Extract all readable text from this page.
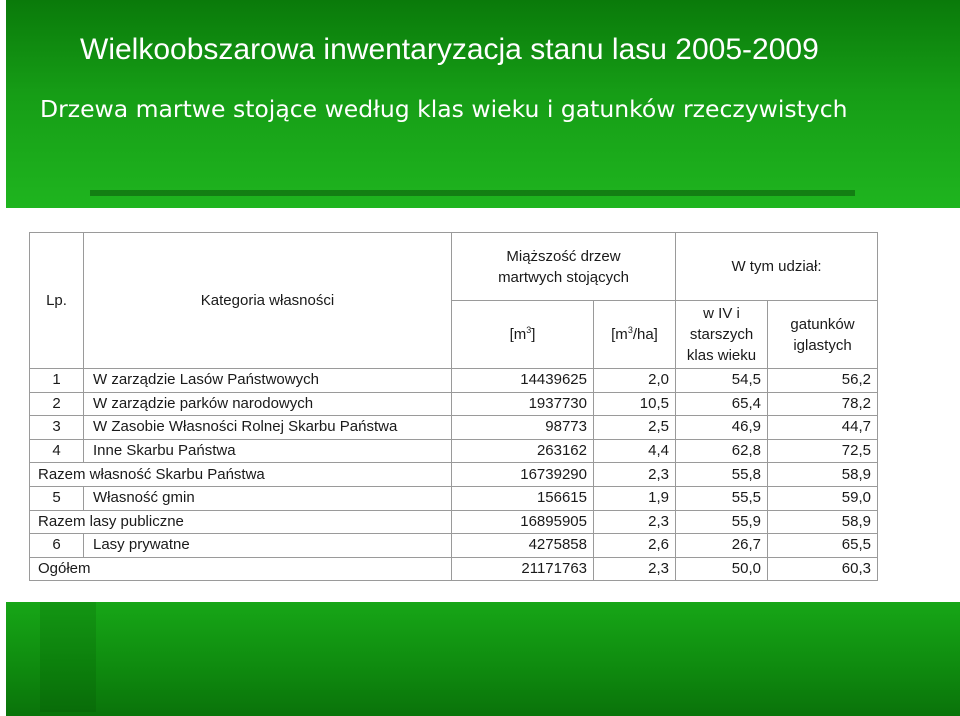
Wielkoobszarowa inwentaryzacja stanu lasu 2005-2009
Drzewa martwe stojące według klas wieku i gatunków rzeczywistych
Lp.	Kategoria własności	Miąższość drzew martwych stojących		W tym udział:	
		$[m^3]$	$[m^3/ha]$	w IV i starszych klas wieku	gatunków iglastych
1	W zarządzie Lasów Państwowych	14439625	2,0	54,5	56,2
2	W zarządzie parków narodowych	1937730	10,5	65,4	78,2
3	W Zasobie Własności Rolnej Skarbu Państwa	98773	2,5	46,9	44,7
4	Inne Skarbu Państwa	263162	4,4	62,8	72,5
Razem własność Skarbu Państwa		16739290	2,3	55,8	58,9
5	Własność gmin	156615	1,9	55,5	59,0
Razem lasy publiczne		16895905	2,3	55,9	58,9
6	Lasy prywatne	4275858	2,6	26,7	65,5
Ogółem		21171763	2,3	50,0	60,3
